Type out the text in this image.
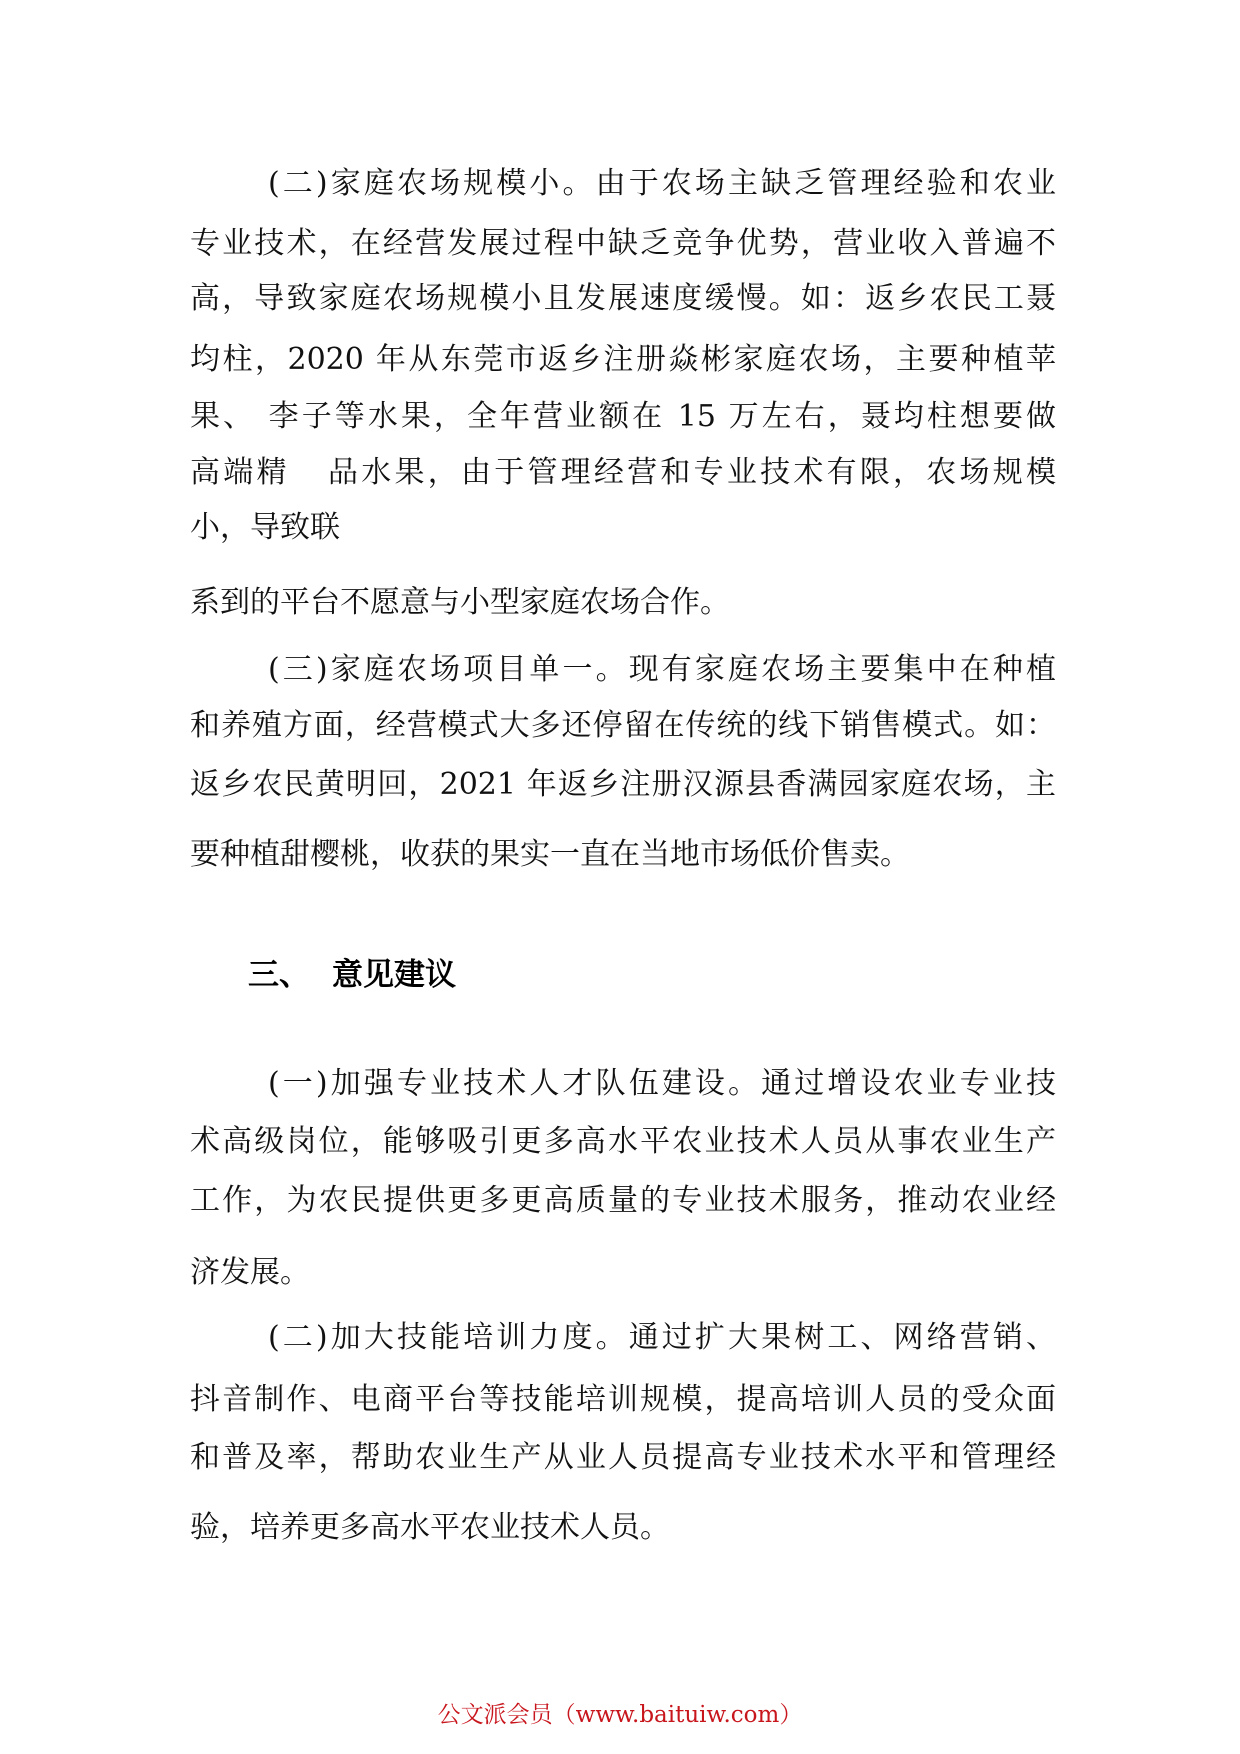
(二)家庭农场规模小。由于农场主缺乏管理经验和农业
专业技术，在经营发展过程中缺乏竞争优势，营业收入普遍不
高，导致家庭农场规模小且发展速度缓慢。如：返乡农民工聂
均柱，2020 年从东莞市返乡注册焱彬家庭农场，主要种植苹
果、 李子等水果，全年营业额在 15 万左右，聂均柱想要做
高端精   品水果，由于管理经营和专业技术有限，农场规模
小，导致联
系到的平台不愿意与小型家庭农场合作。
(三)家庭农场项目单一。现有家庭农场主要集中在种植
和养殖方面，经营模式大多还停留在传统的线下销售模式。如：
返乡农民黄明回，2021 年返乡注册汉源县香满园家庭农场，主
要种植甜樱桃，收获的果实一直在当地市场低价售卖。
三、 意见建议
(一)加强专业技术人才队伍建设。通过增设农业专业技
术高级岗位，能够吸引更多高水平农业技术人员从事农业生产
工作，为农民提供更多更高质量的专业技术服务，推动农业经
济发展。
(二)加大技能培训力度。通过扩大果树工、网络营销、
抖音制作、电商平台等技能培训规模，提高培训人员的受众面
和普及率，帮助农业生产从业人员提高专业技术水平和管理经
验，培养更多高水平农业技术人员。
公文派会员（www.baituiw.com）
